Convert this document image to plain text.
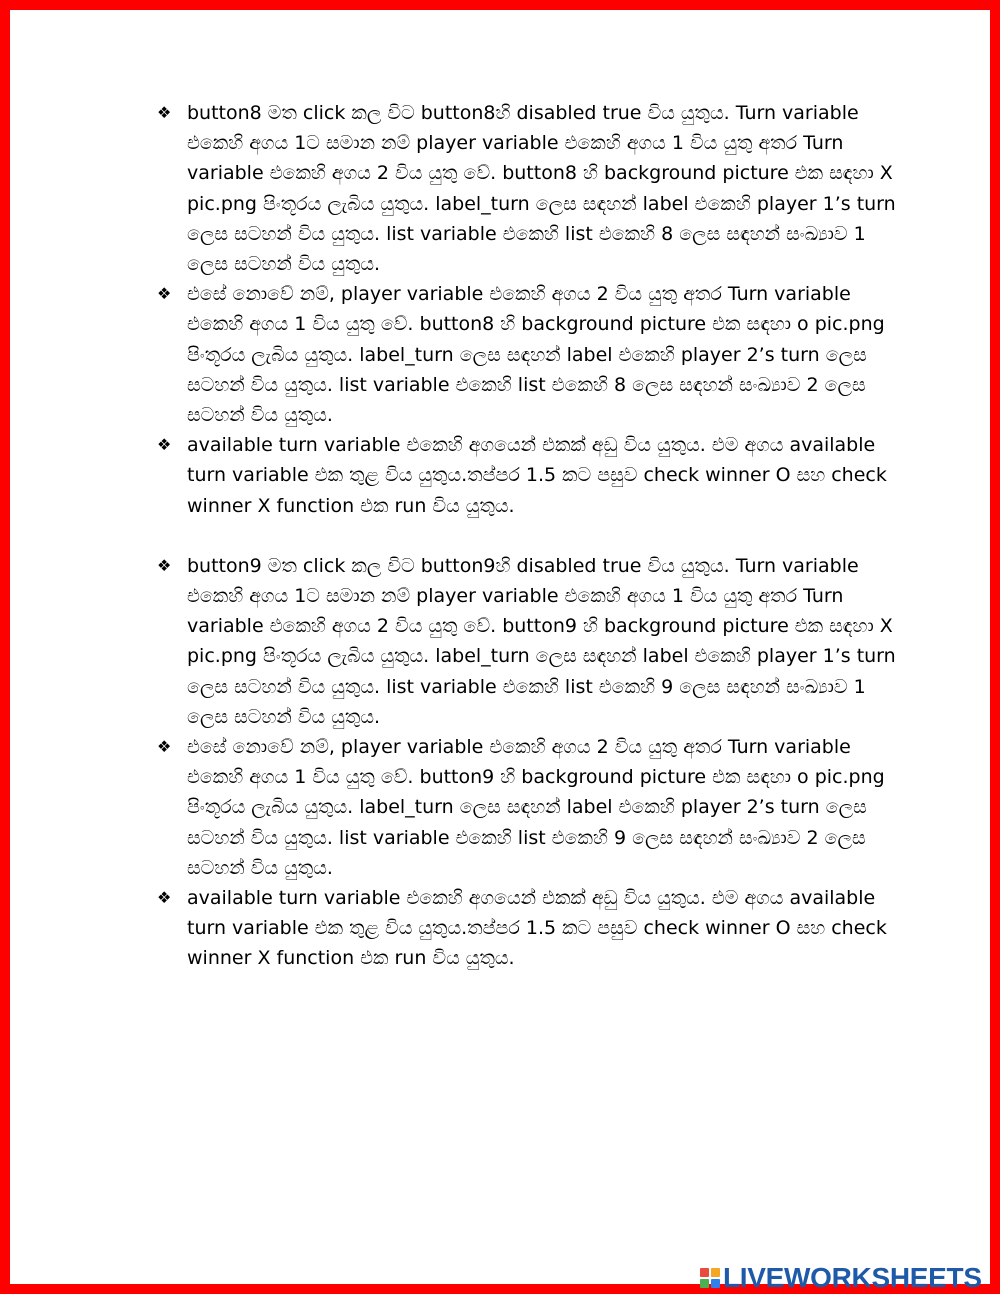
❖ button8 මත click කල විට button8හි disabled true විය යුතුය. Turn variable එකෙහි අගය 1ට සමාන නම් player variable එකෙහි අගය 1 විය යුතු අතර Turn variable එකෙහි අගය 2 විය යුතු වේ. button8 හි background picture එක සඳහා X pic.png පිංතූරය ලැබිය යුතුය. label_turn ලෙස සඳහන් label එකෙහි player 1’s turn ලෙස සටහන් විය යුතුය. list variable එකෙහි list එකෙහි 8 ලෙස සඳහන් සංඛ්‍යාව 1 ලෙස සටහන් විය යුතුය.
❖ එසේ නොවේ නම්, player variable එකෙහි අගය 2 විය යුතු අතර Turn variable එකෙහි අගය 1 විය යුතු වේ. button8 හි background picture එක සඳහා o pic.png පිංතූරය ලැබිය යුතුය. label_turn ලෙස සඳහන් label එකෙහි player 2’s turn ලෙස සටහන් විය යුතුය. list variable එකෙහි list එකෙහි 8 ලෙස සඳහන් සංඛ්‍යාව 2 ලෙස සටහන් විය යුතුය.
❖ available turn variable එකෙහි අගයෙන් එකක් අඩු විය යුතුය. එම අගය available turn variable එක තුළ විය යුතුය.තප්පර 1.5 කට පසුව check winner O සහ check winner X function එක run විය යුතුය.
❖ button9 මත click කල විට button9හි disabled true විය යුතුය. Turn variable එකෙහි අගය 1ට සමාන නම් player variable එකෙහි අගය 1 විය යුතු අතර Turn variable එකෙහි අගය 2 විය යුතු වේ. button9 හි background picture එක සඳහා X pic.png පිංතූරය ලැබිය යුතුය. label_turn ලෙස සඳහන් label එකෙහි player 1’s turn ලෙස සටහන් විය යුතුය. list variable එකෙහි list එකෙහි 9 ලෙස සඳහන් සංඛ්‍යාව 1 ලෙස සටහන් විය යුතුය.
❖ එසේ නොවේ නම්, player variable එකෙහි අගය 2 විය යුතු අතර Turn variable එකෙහි අගය 1 විය යුතු වේ. button9 හි background picture එක සඳහා o pic.png පිංතූරය ලැබිය යුතුය. label_turn ලෙස සඳහන් label එකෙහි player 2’s turn ලෙස සටහන් විය යුතුය. list variable එකෙහි list එකෙහි 9 ලෙස සඳහන් සංඛ්‍යාව 2 ලෙස සටහන් විය යුතුය.
❖ available turn variable එකෙහි අගයෙන් එකක් අඩු විය යුතුය. එම අගය available turn variable එක තුළ විය යුතුය.තප්පර 1.5 කට පසුව check winner O සහ check winner X function එක run විය යුතුය.
LIVEWORKSHEETS
